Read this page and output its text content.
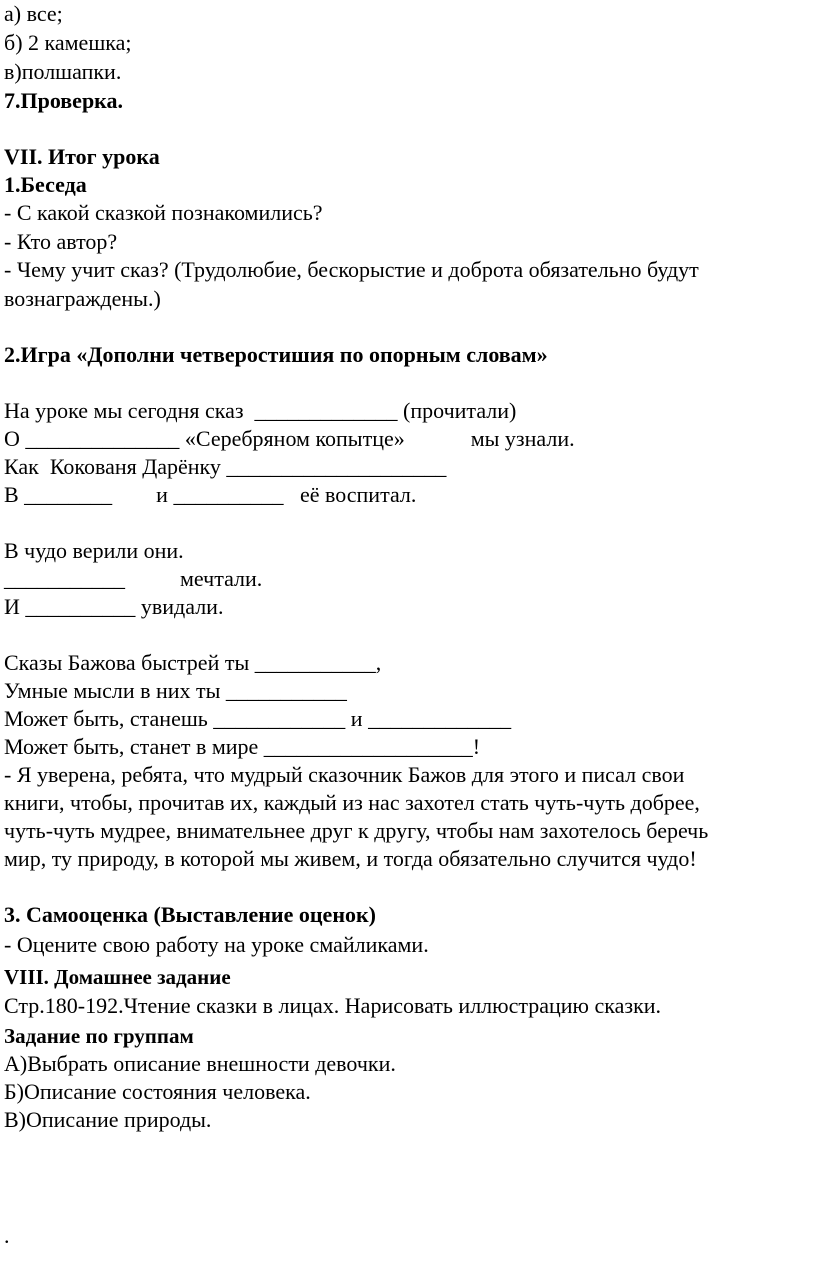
а) все;
б) 2 камешка;
в)полшапки.
7.Проверка.
VII. Итог урока
1.Беседа
- С какой сказкой познакомились?
- Кто автор?
- Чему учит сказ? (Трудолюбие, бескорыстие и доброта обязательно будут
вознаграждены.)
2.Игра «Дополни четверостишия по опорным словам»
На уроке мы сегодня сказ  _____________ (прочитали)
О ______________ «Серебряном копытце»            мы узнали.
Как  Кокованя Дарёнку ____________________
В ________        и __________   её воспитал.
В чудо верили они.
___________          мечтали.
И __________ увидали.
Сказы Бажова быстрей ты ___________,
Умные мысли в них ты ___________
Может быть, станешь ____________ и _____________
Может быть, станет в мире ___________________!
- Я уверена, ребята, что мудрый сказочник Бажов для этого и писал свои
книги, чтобы, прочитав их, каждый из нас захотел стать чуть-чуть добрее,
чуть-чуть мудрее, внимательнее друг к другу, чтобы нам захотелось беречь
мир, ту природу, в которой мы живем, и тогда обязательно случится чудо!
3. Самооценка (Выставление оценок)
- Оцените свою работу на уроке смайликами.
VIII. Домашнее задание
Стр.180-192.Чтение сказки в лицах. Нарисовать иллюстрацию сказки.
Задание по группам
А)Выбрать описание внешности девочки.
Б)Описание состояния человека.
В)Описание природы.
.
